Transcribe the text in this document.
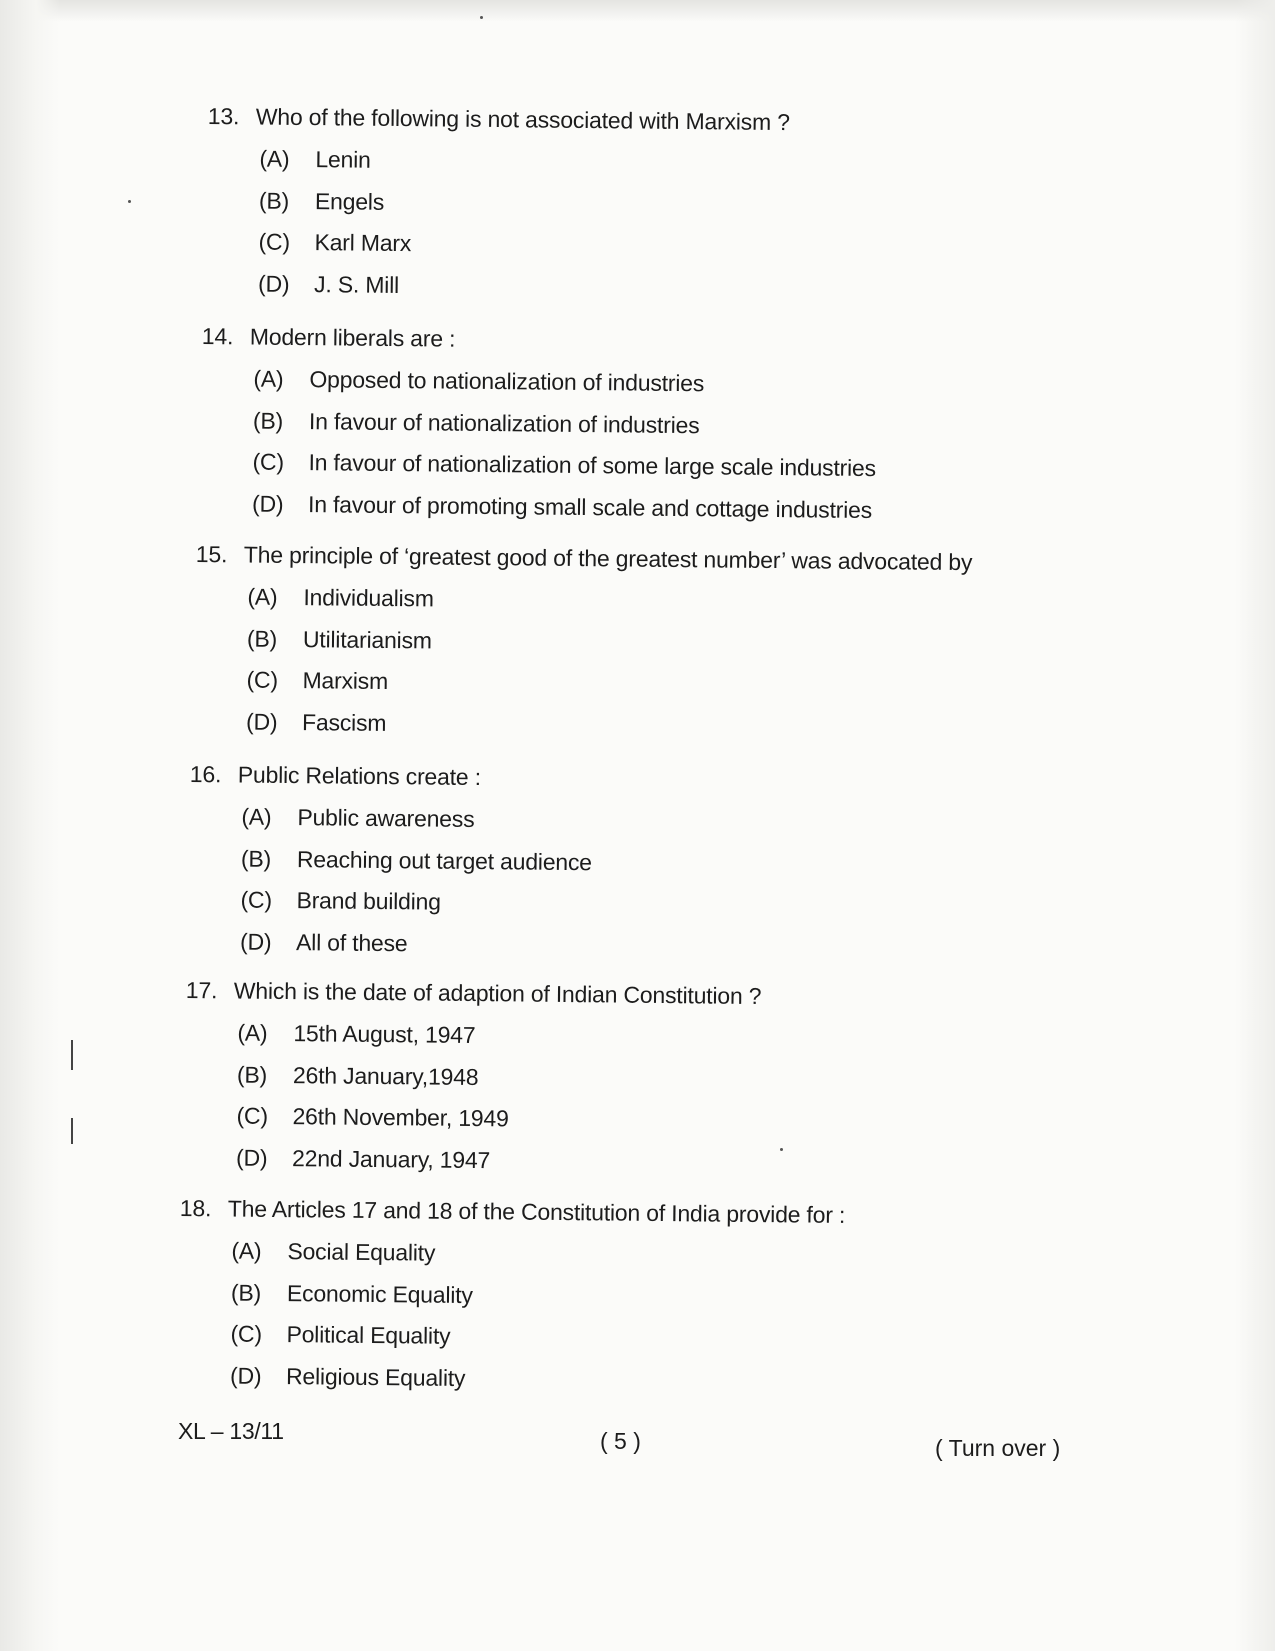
13. Who of the following is not associated with Marxism ?
(A)	Lenin
(B)	Engels
(C)	Karl Marx
(D)	J. S. Mill
14. Modern liberals are :
(A)	Opposed to nationalization of industries
(B)	In favour of nationalization of industries
(C)	In favour of nationalization of some large scale industries
(D)	In favour of promoting small scale and cottage industries
15. The principle of ‘greatest good of the greatest number’ was advocated by
(A)	Individualism
(B)	Utilitarianism
(C)	Marxism
(D)	Fascism
16. Public Relations create :
(A)	Public awareness
(B)	Reaching out target audience
(C)	Brand building
(D)	All of these
17. Which is the date of adaption of Indian Constitution ?
(A)	15th August, 1947
(B)	26th January,1948
(C)	26th November, 1949
(D)	22nd January, 1947
18. The Articles 17 and 18 of the Constitution of India provide for :
(A)	Social Equality
(B)	Economic Equality
(C)	Political Equality
(D)	Religious Equality
XL – 13/11	( 5 )	( Turn over )
